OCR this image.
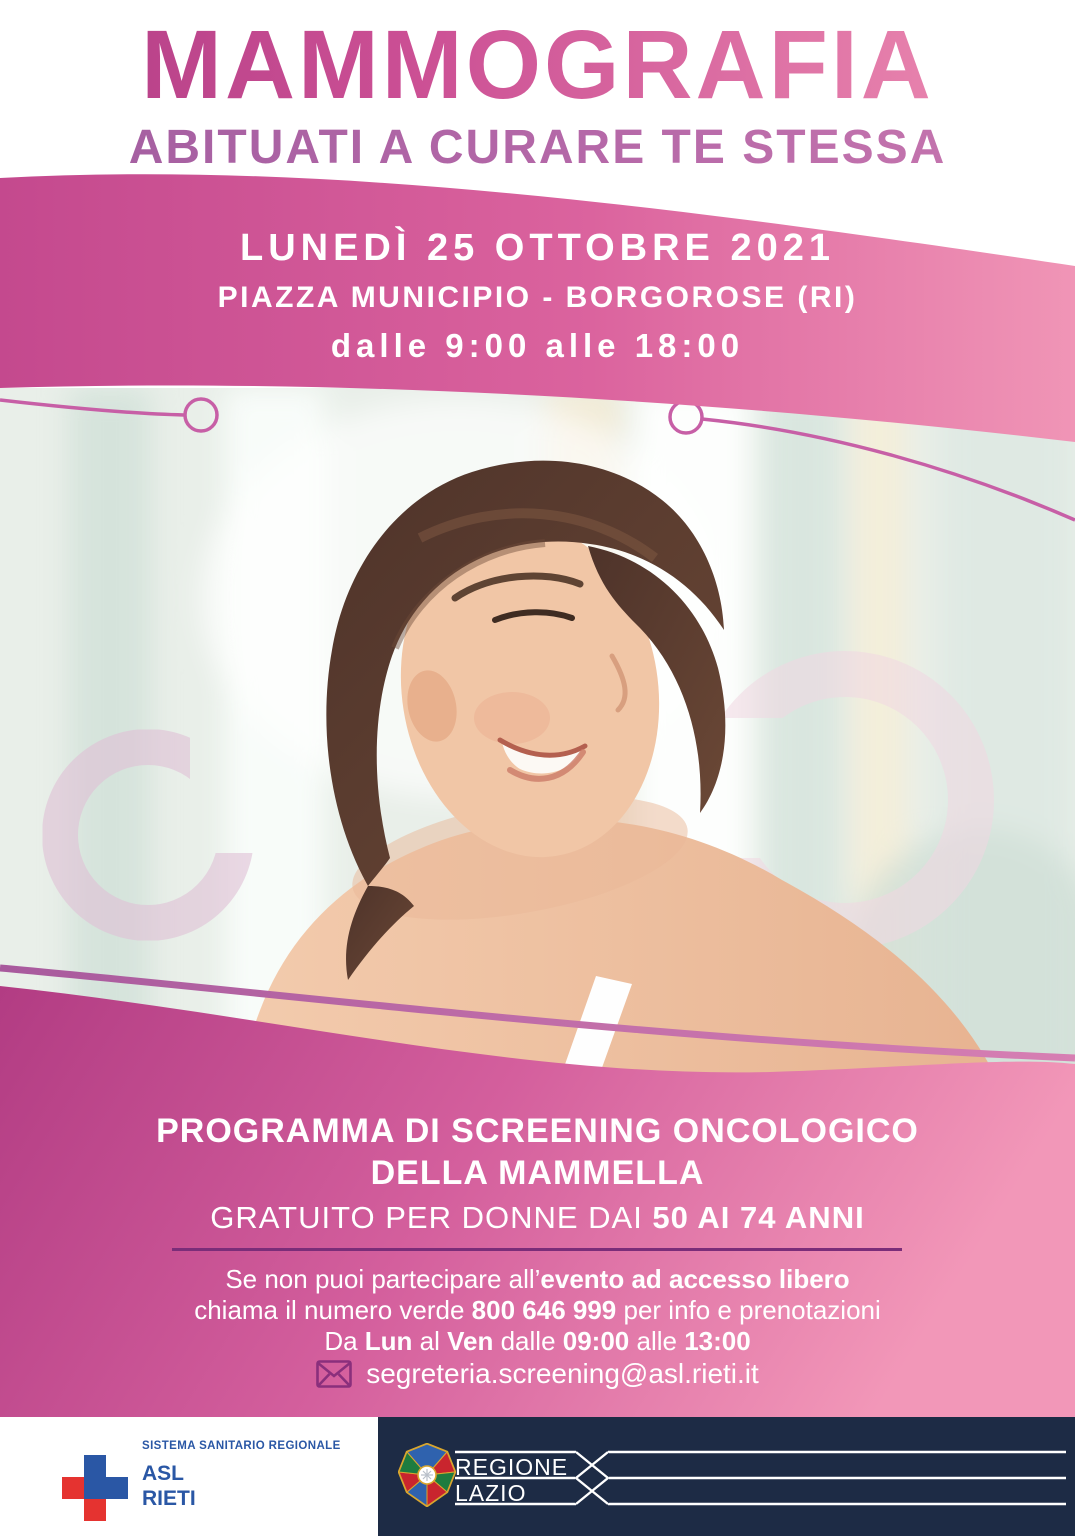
MAMMOGRAFIA
ABITUATI A CURARE TE STESSA
LUNEDÌ 25 OTTOBRE 2021
PIAZZA MUNICIPIO - BORGOROSE (RI)
dalle 9:00 alle 18:00
PROGRAMMA DI SCREENING ONCOLOGICO
DELLA MAMMELLA
GRATUITO PER DONNE DAI 50 AI 74 ANNI
Se non puoi partecipare all’evento ad accesso libero
chiama il numero verde 800 646 999 per info e prenotazioni
Da Lun al Ven dalle 09:00 alle 13:00
segreteria.screening@asl.rieti.it
SISTEMA SANITARIO REGIONALE
ASL
RIETI
REGIONE
LAZIO
